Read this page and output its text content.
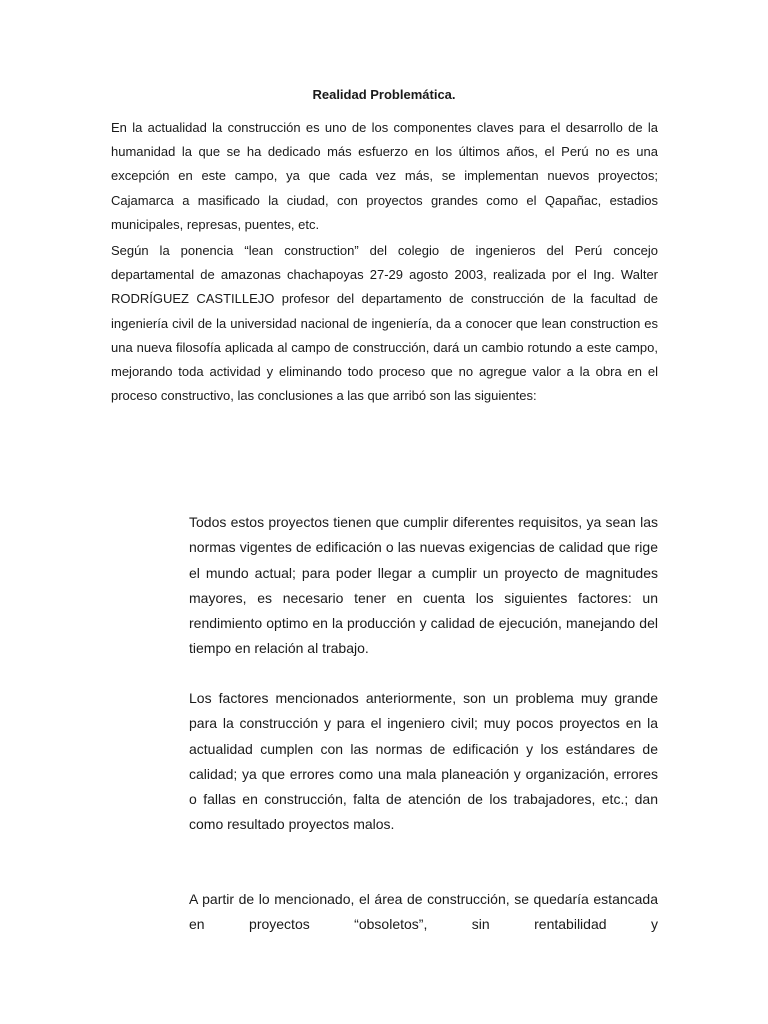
Realidad Problemática.

En la actualidad la construcción es uno de los componentes claves para el desarrollo de la humanidad la que se ha dedicado más esfuerzo en los últimos años, el Perú no es una excepción en este campo, ya que cada vez más, se implementan nuevos proyectos; Cajamarca a masificado la ciudad, con proyectos grandes como el Qapañac, estadios municipales, represas, puentes, etc.

Según la ponencia “lean construction” del colegio de ingenieros del Perú concejo departamental de amazonas chachapoyas 27-29 agosto 2003, realizada por el Ing. Walter RODRÍGUEZ CASTILLEJO profesor del departamento de construcción de la facultad de ingeniería civil de la universidad nacional de ingeniería, da a conocer que lean construction es una nueva filosofía aplicada al campo de construcción, dará un cambio rotundo a este campo, mejorando toda actividad y eliminando todo proceso que no agregue valor a la obra en el proceso constructivo, las conclusiones a las que arribó son las siguientes:

Todos estos proyectos tienen que cumplir diferentes requisitos, ya sean las normas vigentes de edificación o las nuevas exigencias de calidad que rige el mundo actual; para poder llegar a cumplir un proyecto de magnitudes mayores, es necesario tener en cuenta los siguientes factores: un rendimiento optimo en la producción y calidad de ejecución, manejando del tiempo en relación al trabajo.

Los factores mencionados anteriormente, son un problema muy grande para la construcción y para el ingeniero civil; muy pocos proyectos en la actualidad cumplen con las normas de edificación y los estándares de calidad; ya que errores como una mala planeación y organización, errores o fallas en construcción, falta de atención de los trabajadores, etc.; dan como resultado proyectos malos.

A partir de lo mencionado, el área de construcción, se quedaría estancada en proyectos “obsoletos”, sin rentabilidad y
